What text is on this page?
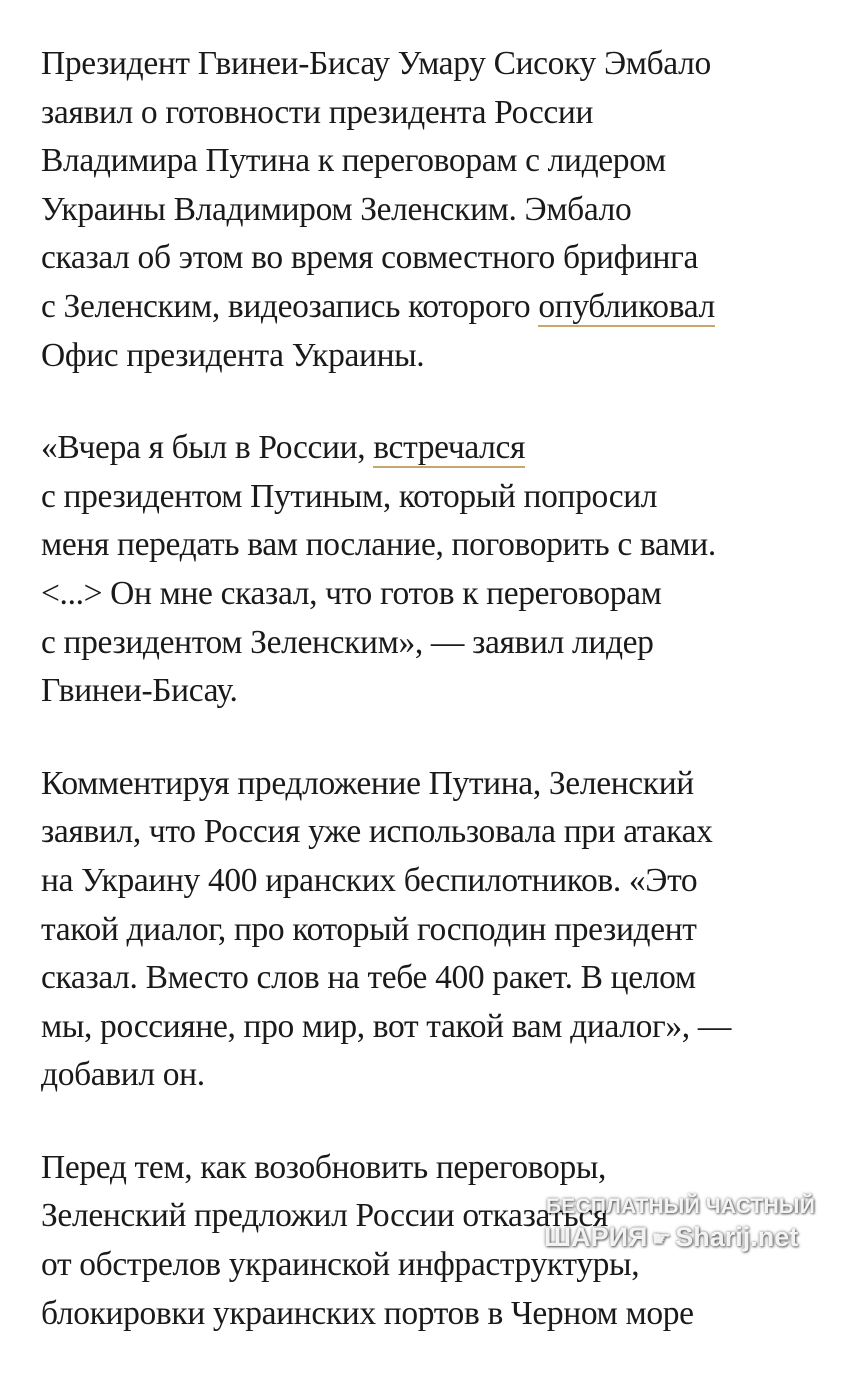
Президент Гвинеи-Бисау Умару Сисоку Эмбало
заявил о готовности президента России
Владимира Путина к переговорам с лидером
Украины Владимиром Зеленским. Эмбало
сказал об этом во время совместного брифинга
с Зеленским, видеозапись которого опубликовал
Офис президента Украины.

«Вчера я был в России, встречался
с президентом Путиным, который попросил
меня передать вам послание, поговорить с вами.
<...> Он мне сказал, что готов к переговорам
с президентом Зеленским», — заявил лидер
Гвинеи-Бисау.

Комментируя предложение Путина, Зеленский
заявил, что Россия уже использовала при атаках
на Украину 400 иранских беспилотников. «Это
такой диалог, про который господин президент
сказал. Вместо слов на тебе 400 ракет. В целом
мы, россияне, про мир, вот такой вам диалог», —
добавил он.

Перед тем, как возобновить переговоры,
Зеленский предложил России отказаться
от обстрелов украинской инфраструктуры,
блокировки украинских портов в Черном море

БЕСПЛАТНЫЙ ЧАСТНЫЙ
ШАРИЯ ☛ Sharij.net
